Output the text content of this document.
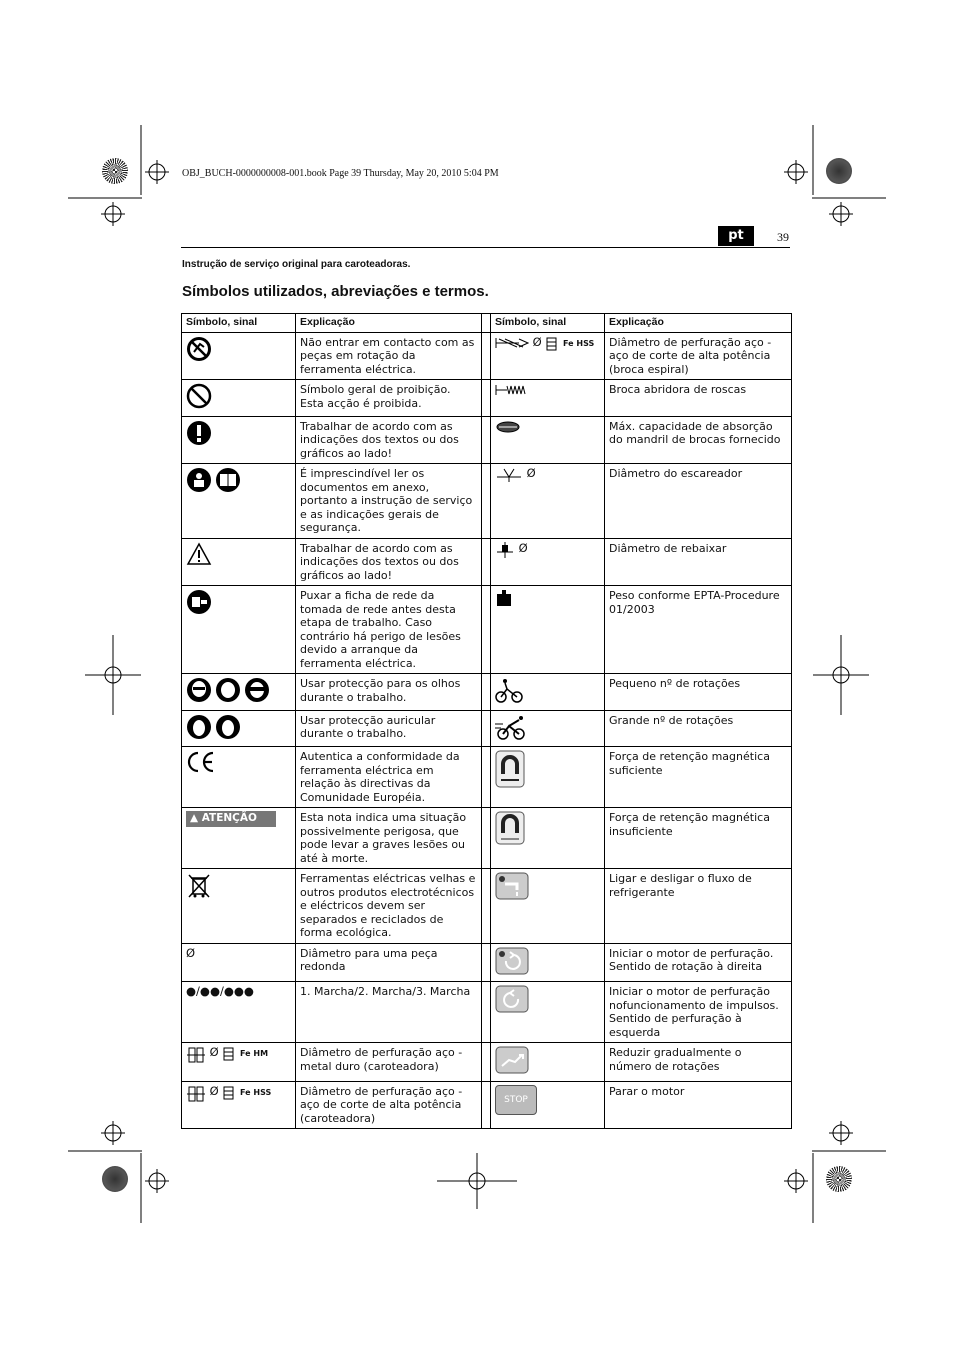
OBJ_BUCH-0000000008-001.book Page 39 Thursday, May 20, 2010 5:04 PM
pt	39
Instrução de serviço original para caroteadoras.
Símbolos utilizados, abreviações e termos.
Símbolo, sinal	Explicação		Símbolo, sinal	Explicação
	Não entrar em contacto com as peças em rotação da ferramenta eléctrica.		Ø Fe HSS	Diâmetro de perfuração aço - aço de corte de alta potência (broca espiral)
	Símbolo geral de proibição. Esta acção é proibida.			Broca abridora de roscas
	Trabalhar de acordo com as indicações dos textos ou dos gráficos ao lado!			Máx. capacidade de absorção do mandril de brocas fornecido
	É imprescindível ler os documentos em anexo, portanto a instrução de serviço e as indicações gerais de segurança.		Ø	Diâmetro do escareador
	Trabalhar de acordo com as indicações dos textos ou dos gráficos ao lado!		Ø	Diâmetro de rebaixar
	Puxar a ficha de rede da tomada de rede antes desta etapa de trabalho. Caso contrário há perigo de lesões devido a arranque da ferramenta eléctrica.			Peso conforme EPTA-Procedure 01/2003
	Usar protecção para os olhos durante o trabalho.			Pequeno nº de rotações
	Usar protecção auricular durante o trabalho.			Grande nº de rotações
	Autentica a conformidade da ferramenta eléctrica em relação às directivas da Comunidade Européia.			Força de retenção magnética suficiente
▲ ATENÇÃO	Esta nota indica uma situação possivelmente perigosa, que pode levar a graves lesões ou até à morte.			Força de retenção magnética insuficiente
	Ferramentas eléctricas velhas e outros produtos electrotécnicos e eléctricos devem ser separados e reciclados de forma ecológica.			Ligar e desligar o fluxo de refrigerante
Ø	Diâmetro para uma peça redonda			Iniciar o motor de perfuração. Sentido de rotação à direita
●/●●/●●●	1. Marcha/2. Marcha/3. Marcha			Iniciar o motor de perfuração nofuncionamento de impulsos. Sentido de perfuração à esquerda
Ø Fe HM	Diâmetro de perfuração aço - metal duro (caroteadora)			Reduzir gradualmente o número de rotações
Ø Fe HSS	Diâmetro de perfuração aço - aço de corte de alta potência (caroteadora)		STOP	Parar o motor
